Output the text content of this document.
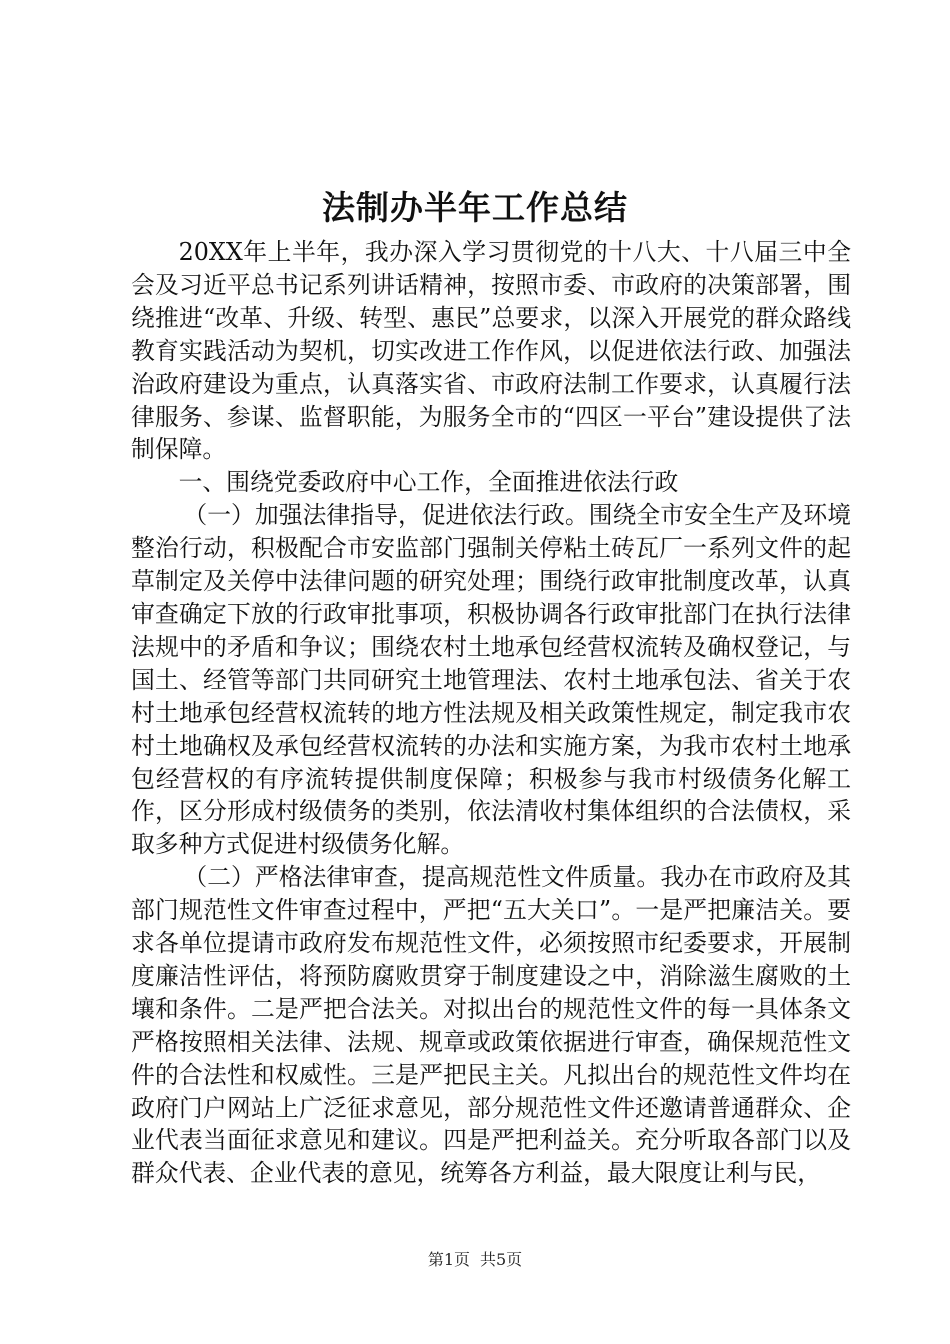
法制办半年工作总结

20XX年上半年，我办深入学习贯彻党的十八大、十八届三中全会及习近平总书记系列讲话精神，按照市委、市政府的决策部署，围绕推进“改革、升级、转型、惠民”总要求，以深入开展党的群众路线教育实践活动为契机，切实改进工作作风，以促进依法行政、加强法治政府建设为重点，认真落实省、市政府法制工作要求，认真履行法律服务、参谋、监督职能，为服务全市的“四区一平台”建设提供了法制保障。

一、围绕党委政府中心工作，全面推进依法行政

（一）加强法律指导，促进依法行政。围绕全市安全生产及环境整治行动，积极配合市安监部门强制关停粘土砖瓦厂一系列文件的起草制定及关停中法律问题的研究处理；围绕行政审批制度改革，认真审查确定下放的行政审批事项，积极协调各行政审批部门在执行法律法规中的矛盾和争议；围绕农村土地承包经营权流转及确权登记，与国土、经管等部门共同研究土地管理法、农村土地承包法、省关于农村土地承包经营权流转的地方性法规及相关政策性规定，制定我市农村土地确权及承包经营权流转的办法和实施方案，为我市农村土地承包经营权的有序流转提供制度保障；积极参与我市村级债务化解工作，区分形成村级债务的类别，依法清收村集体组织的合法债权，采取多种方式促进村级债务化解。

（二）严格法律审查，提高规范性文件质量。我办在市政府及其部门规范性文件审查过程中，严把“五大关口”。一是严把廉洁关。要求各单位提请市政府发布规范性文件，必须按照市纪委要求，开展制度廉洁性评估，将预防腐败贯穿于制度建设之中，消除滋生腐败的土壤和条件。二是严把合法关。对拟出台的规范性文件的每一具体条文严格按照相关法律、法规、规章或政策依据进行审查，确保规范性文件的合法性和权威性。三是严把民主关。凡拟出台的规范性文件均在政府门户网站上广泛征求意见，部分规范性文件还邀请普通群众、企业代表当面征求意见和建议。四是严把利益关。充分听取各部门以及群众代表、企业代表的意见，统筹各方利益，最大限度让利与民，

第1页 共5页
